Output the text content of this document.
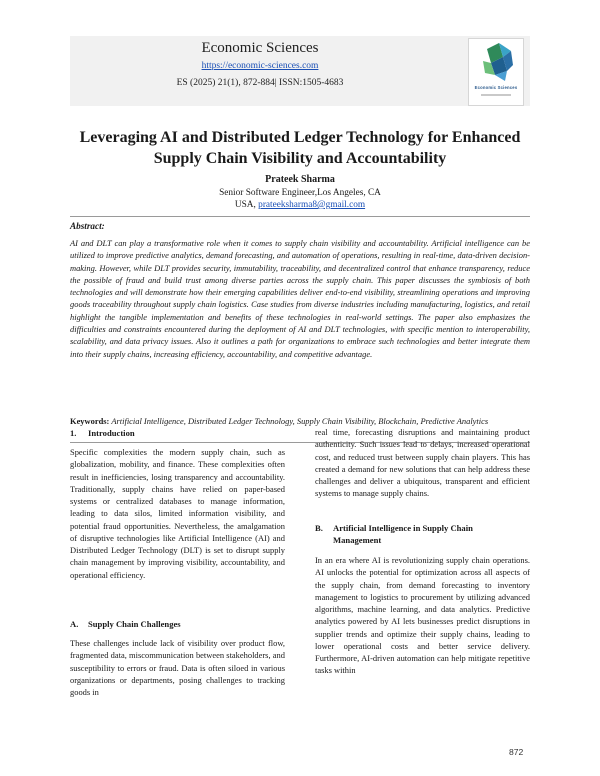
Economic Sciences
https://economic-sciences.com
ES (2025) 21(1), 872-884| ISSN:1505-4683	Economic Sciences
Leveraging AI and Distributed Ledger Technology for Enhanced
Supply Chain Visibility and Accountability
Prateek Sharma
Senior Software Engineer,Los Angeles, CA
USA, prateeksharma8@gmail.com
Abstract:
AI and DLT can play a transformative role when it comes to supply chain visibility and accountability. Artificial intelligence can be utilized to improve predictive analytics, demand forecasting, and automation of operations, resulting in real-time, data-driven decision-making. However, while DLT provides security, immutability, traceability, and decentralized control that enhance transparency, reduce the possible of fraud and build trust among diverse parties across the supply chain. This paper discusses the symbiosis of both technologies and will demonstrate how their emerging capabilities deliver end-to-end visibility, streamlining operations and improving goods traceability throughout supply chain logistics. Case studies from diverse industries including manufacturing, logistics, and retail highlight the tangible implementation and benefits of these technologies in real-world settings. The paper also emphasizes the difficulties and constraints encountered during the deployment of AI and DLT technologies, with specific mention to interoperability, scalability, and data privacy issues. Also it outlines a path for organizations to embrace such technologies and better integrate them into their supply chains, increasing efficiency, accountability, and competitive advantage.
Keywords: Artificial Intelligence, Distributed Ledger Technology, Supply Chain Visibility, Blockchain, Predictive Analytics
1. Introduction

Specific complexities the modern supply chain, such as globalization, mobility, and finance. These complexities often result in inefficiencies, losing transparency and accountability. Traditionally, supply chains have relied on paper-based systems or centralized databases to manage information, leading to data silos, limited information visibility, and potential fraud opportunities. Nevertheless, the amalgamation of disruptive technologies like Artificial Intelligence (AI) and Distributed Ledger Technology (DLT) is set to disrupt supply chain management by improving visibility, accountability, and operational efficiency.

A. Supply Chain Challenges

These challenges include lack of visibility over product flow, fragmented data, miscommunication between stakeholders, and susceptibility to errors or fraud. Data is often siloed in various organizations or departments, posing challenges to tracking goods in

real time, forecasting disruptions and maintaining product authenticity. Such issues lead to delays, increased operational cost, and reduced trust between supply chain players. This has created a demand for new solutions that can help address these challenges and deliver a ubiquitous, transparent and efficient systems to manage supply chains.

B. Artificial Intelligence in Supply Chain
Management

In an era where AI is revolutionizing supply chain operations. AI unlocks the potential for optimization across all aspects of the supply chain, from demand forecasting to inventory management to logistics to procurement by utilizing advanced algorithms, machine learning, and data analytics. Predictive analytics powered by AI lets businesses predict disruptions in supplier trends and optimize their supply chains, leading to lower operational costs and better service delivery. Furthermore, AI-driven automation can help mitigate repetitive tasks within

872
